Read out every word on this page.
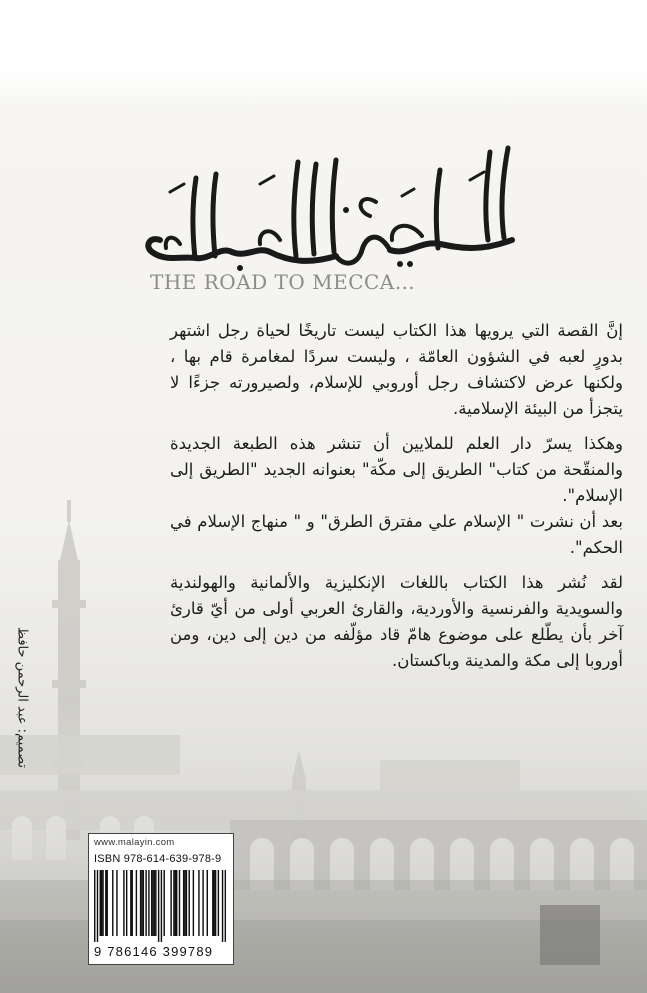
THE ROAD TO MECCA…

إنَّ القصة التي يرويها هذا الكتاب ليست تاريخًا لحياة رجل اشتهر بدورٍ لعبه في الشؤون العامّة ، وليست سردًا لمغامرة قام بها ، ولكنها عرض لاكتشاف رجل أوروبي للإسلام، ولصيرورته جزءًا لا يتجزأ من البيئة الإسلامية.

وهكذا يسرّ دار العلم للملايين أن تنشر هذه الطبعة الجديدة والمنقّحة من كتاب" الطريق إلى مكّة" بعنوانه الجديد "الطريق إلى الإسلام".

بعد أن نشرت " الإسلام علي مفترق الطرق" و " منهاج الإسلام في الحكم".

لقد نُشر هذا الكتاب باللغات الإنكليزية والألمانية والهولندية والسويدية والفرنسية والأوردية، والقارئ العربي أولى من أيّ قارئ آخر بأن يطّلع على موضوع هامّ قاد مؤلّفه من دين إلى دين، ومن أوروبا إلى مكة والمدينة وباكستان.

تصميم: عبد الرحمن حافظ
www.malayin.com
ISBN 978-614-639-978-9
9 786146 399789
